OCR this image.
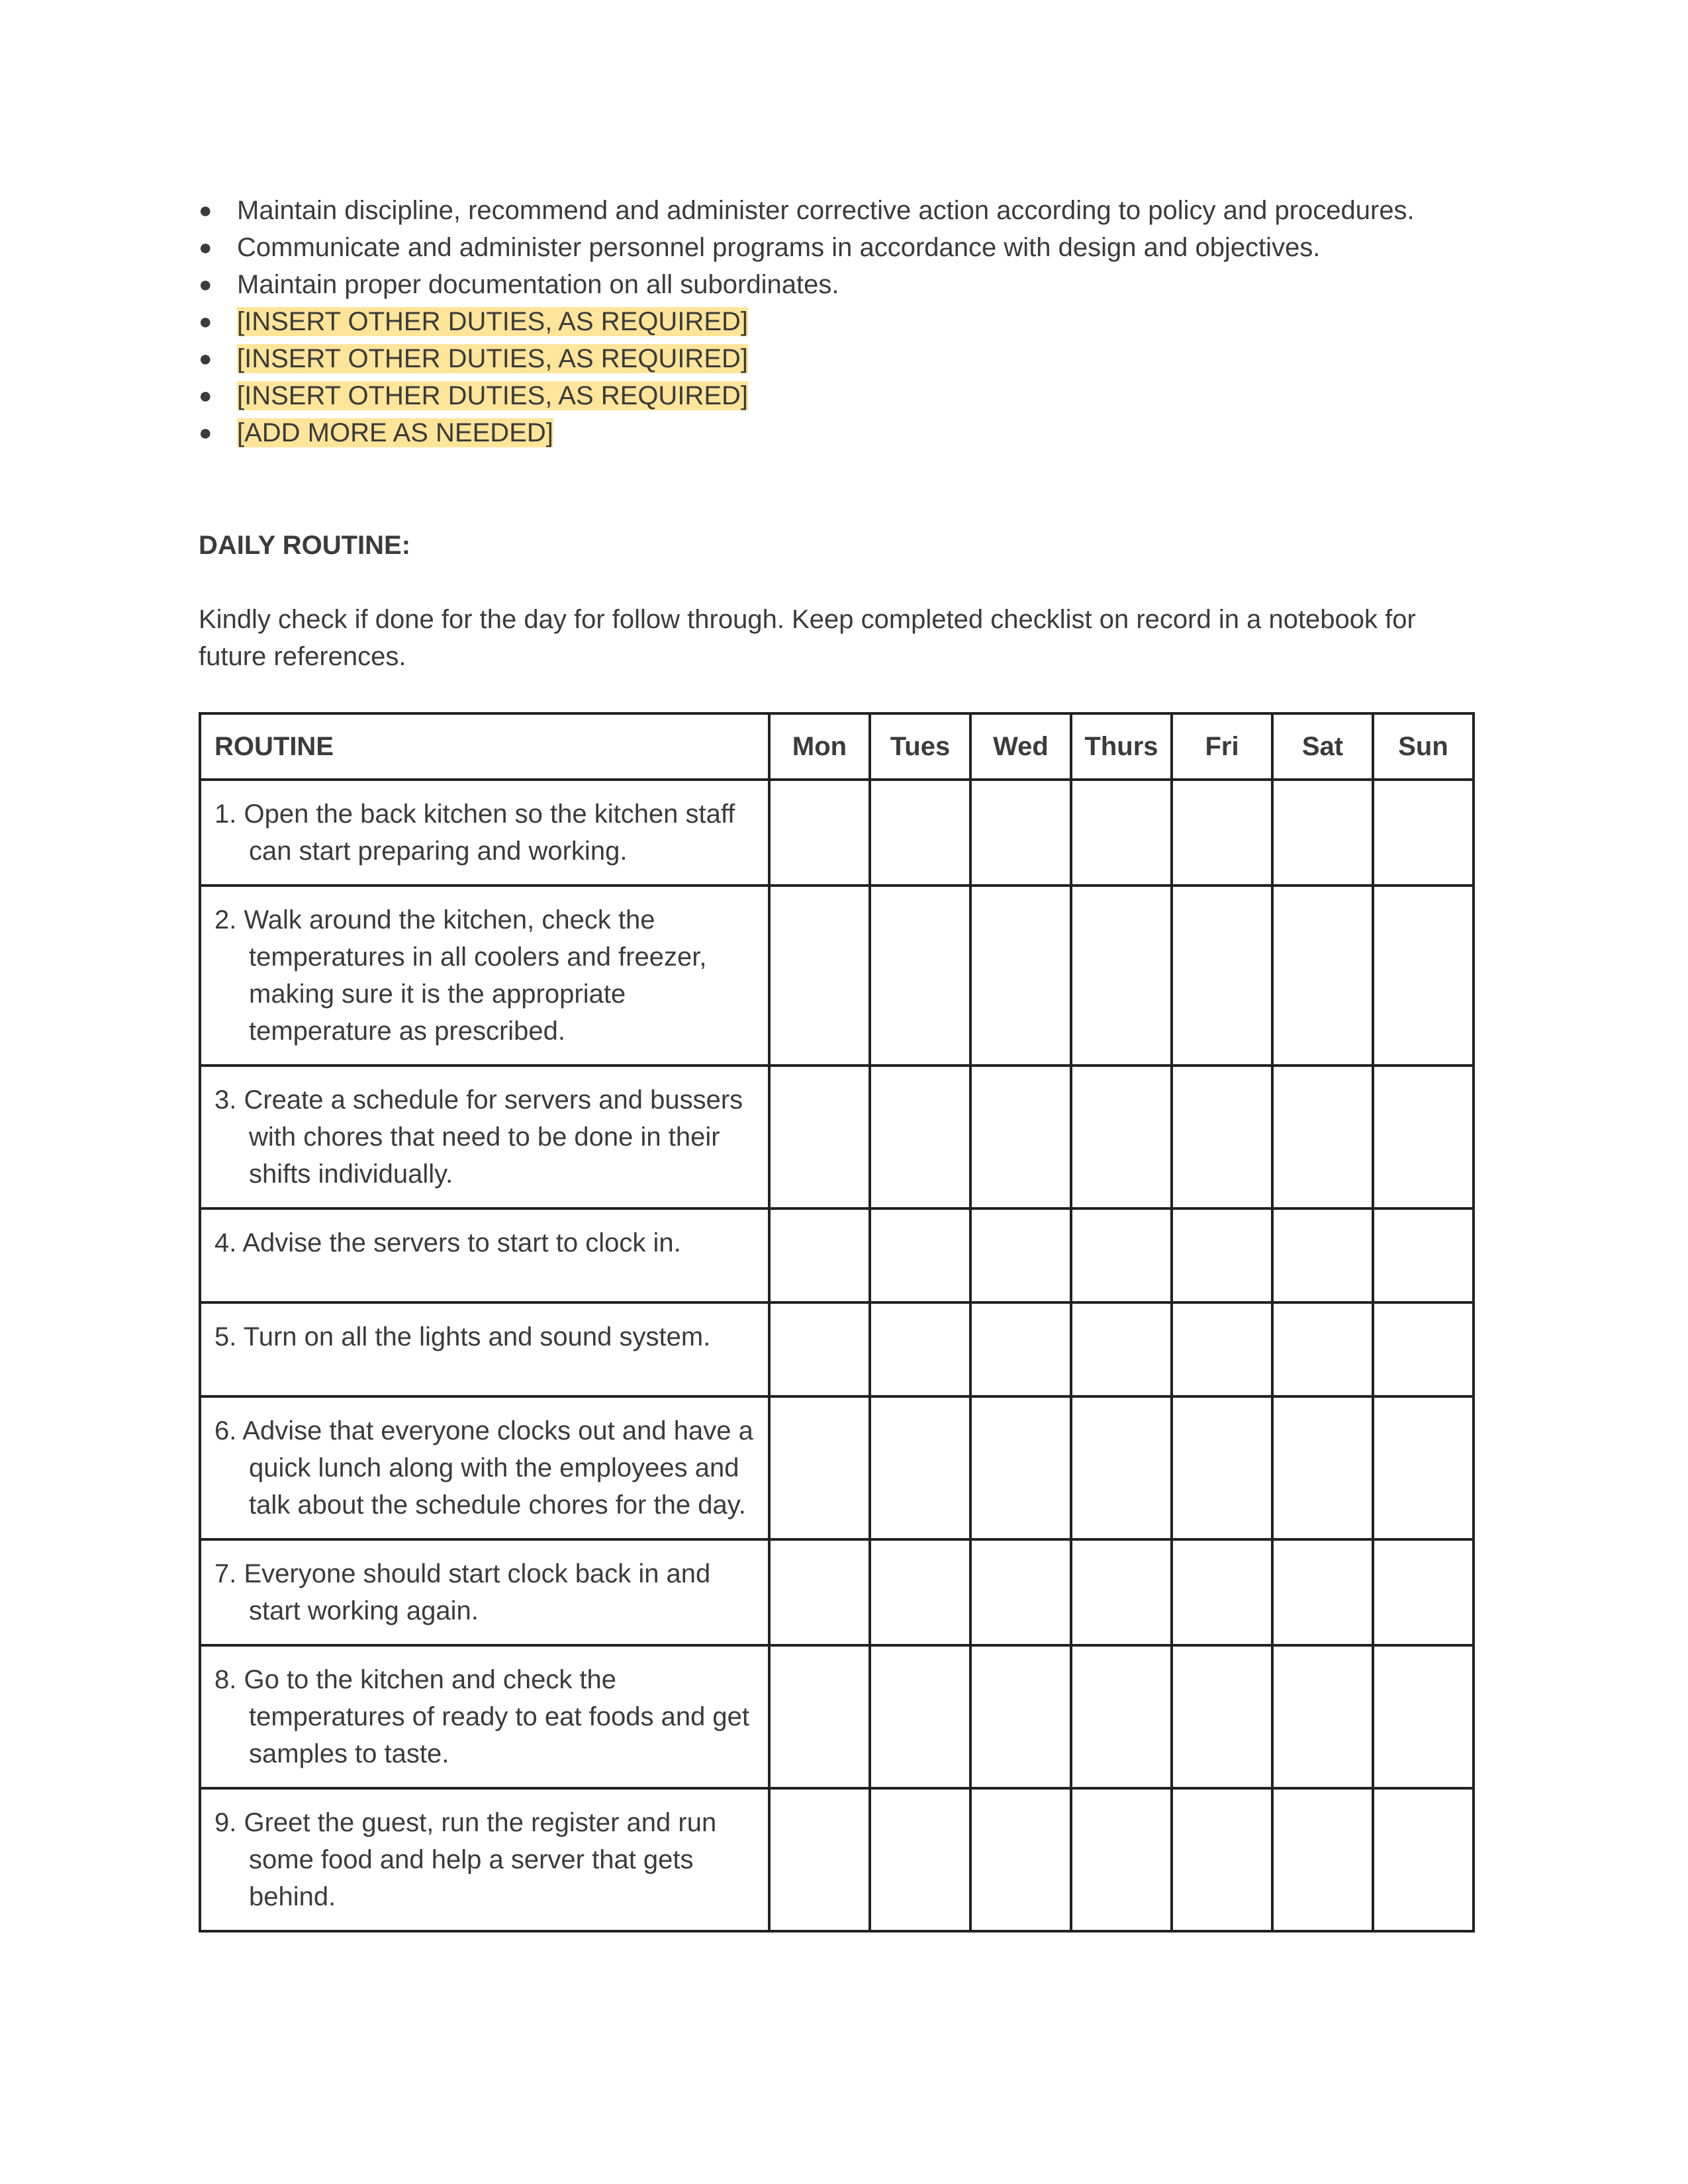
● Maintain discipline, recommend and administer corrective action according to policy and procedures.
● Communicate and administer personnel programs in accordance with design and objectives.
● Maintain proper documentation on all subordinates.
● [INSERT OTHER DUTIES, AS REQUIRED]
● [INSERT OTHER DUTIES, AS REQUIRED]
● [INSERT OTHER DUTIES, AS REQUIRED]
● [ADD MORE AS NEEDED]
DAILY ROUTINE:
Kindly check if done for the day for follow through. Keep completed checklist on record in a notebook for future references.
ROUTINE	Mon	Tues	Wed	Thurs	Fri	Sat	Sun

1. Open the back kitchen so the kitchen staff can start preparing and working.							

2. Walk around the kitchen, check the temperatures in all coolers and freezer, making sure it is the appropriate temperature as prescribed.							

3. Create a schedule for servers and bussers with chores that need to be done in their shifts individually.							

4. Advise the servers to start to clock in.							

5. Turn on all the lights and sound system.							

6. Advise that everyone clocks out and have a quick lunch along with the employees and talk about the schedule chores for the day.							

7. Everyone should start clock back in and start working again.							

8. Go to the kitchen and check the temperatures of ready to eat foods and get samples to taste.							

9. Greet the guest, run the register and run some food and help a server that gets behind.							
